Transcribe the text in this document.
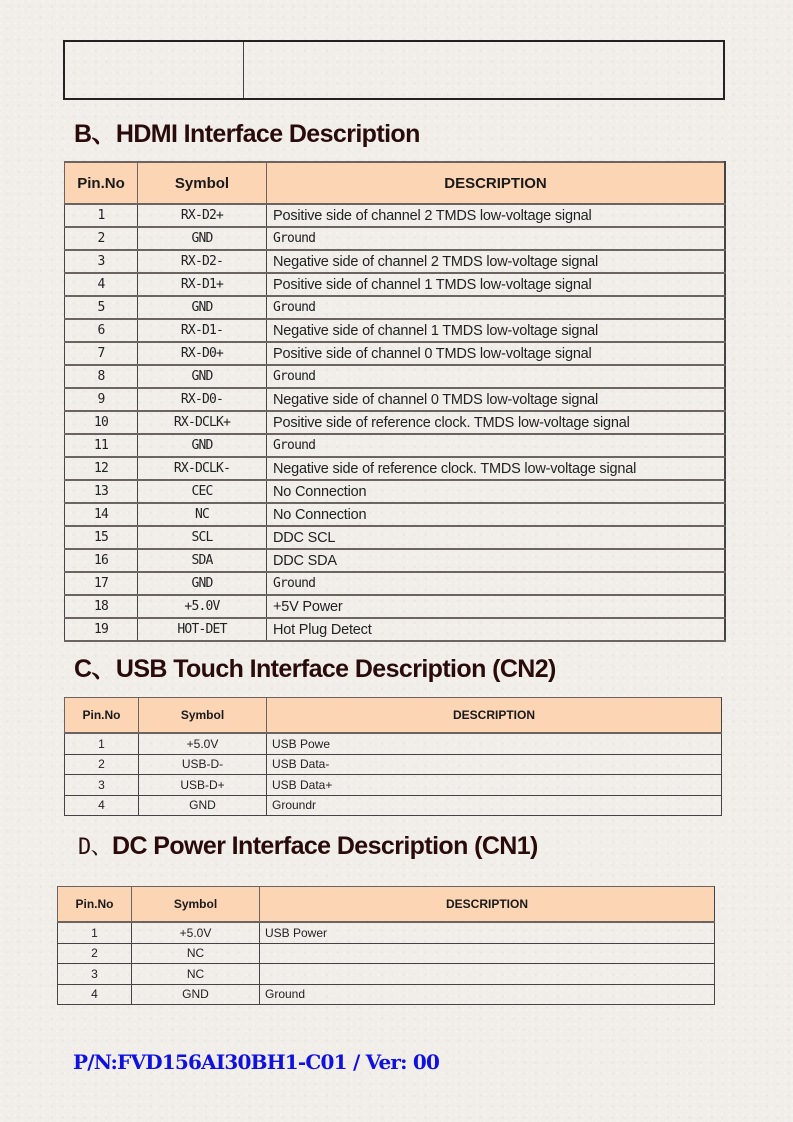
B、HDMI Interface Description
Pin.No	Symbol	DESCRIPTION
1	RX-D2+	Positive side of channel 2 TMDS low-voltage signal
2	GND	Ground
3	RX-D2-	Negative side of channel 2 TMDS low-voltage signal
4	RX-D1+	Positive side of channel 1 TMDS low-voltage signal
5	GND	Ground
6	RX-D1-	Negative side of channel 1 TMDS low-voltage signal
7	RX-D0+	Positive side of channel 0 TMDS low-voltage signal
8	GND	Ground
9	RX-D0-	Negative side of channel 0 TMDS low-voltage signal
10	RX-DCLK+	Positive side of reference clock. TMDS low-voltage signal
11	GND	Ground
12	RX-DCLK-	Negative side of reference clock. TMDS low-voltage signal
13	CEC	No Connection
14	NC	No Connection
15	SCL	DDC SCL
16	SDA	DDC SDA
17	GND	Ground
18	+5.0V	+5V Power
19	HOT-DET	Hot Plug Detect
C、USB Touch Interface Description (CN2)
Pin.No	Symbol	DESCRIPTION
1	+5.0V	USB Powe
2	USB-D-	USB Data-
3	USB-D+	USB Data+
4	GND	Groundr
D、DC Power Interface Description (CN1)
Pin.No	Symbol	DESCRIPTION
1	+5.0V	USB Power
2	NC	
3	NC	
4	GND	Ground
P/N:FVD156AI30BH1-C01 / Ver: 00
